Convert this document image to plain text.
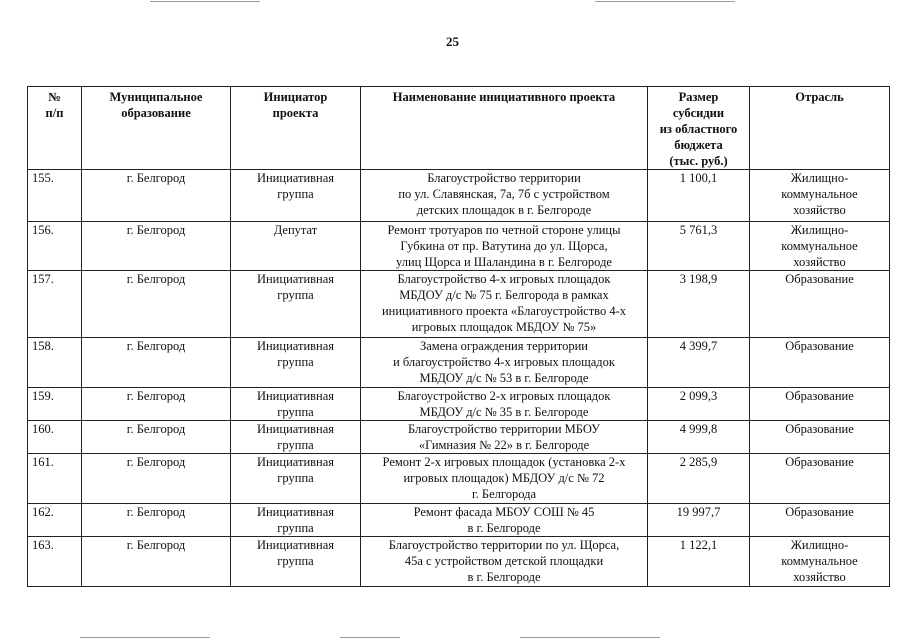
25
№
п/п	Муниципальное
образование	Инициатор
проекта	Наименование инициативного проекта	Размер
субсидии
из областного
бюджета
(тыс. руб.)	Отрасль
155.	г. Белгород	Инициативная
группа	Благоустройство территории
по ул. Славянская, 7а, 7б с устройством
детских площадок в г. Белгороде	1 100,1	Жилищно-
коммунальное
хозяйство
156.	г. Белгород	Депутат	Ремонт тротуаров по четной стороне улицы
Губкина от пр. Ватутина до ул. Щорса,
улиц Щорса и Шаландина в г. Белгороде	5 761,3	Жилищно-
коммунальное
хозяйство
157.	г. Белгород	Инициативная
группа	Благоустройство 4-х игровых площадок
МБДОУ д/с № 75 г. Белгорода в рамках
инициативного проекта «Благоустройство 4-х
игровых площадок МБДОУ № 75»	3 198,9	Образование
158.	г. Белгород	Инициативная
группа	Замена ограждения территории
и благоустройство 4-х игровых площадок
МБДОУ д/с № 53 в г. Белгороде	4 399,7	Образование
159.	г. Белгород	Инициативная
группа	Благоустройство 2-х игровых площадок
МБДОУ д/с № 35 в г. Белгороде	2 099,3	Образование
160.	г. Белгород	Инициативная
группа	Благоустройство территории МБОУ
«Гимназия № 22» в г. Белгороде	4 999,8	Образование
161.	г. Белгород	Инициативная
группа	Ремонт 2-х игровых площадок (установка 2-х
игровых площадок) МБДОУ д/с № 72
г. Белгорода	2 285,9	Образование
162.	г. Белгород	Инициативная
группа	Ремонт фасада МБОУ СОШ № 45
в г. Белгороде	19 997,7	Образование
163.	г. Белгород	Инициативная
группа	Благоустройство территории по ул. Щорса,
45а с устройством детской площадки
в г. Белгороде	1 122,1	Жилищно-
коммунальное
хозяйство
